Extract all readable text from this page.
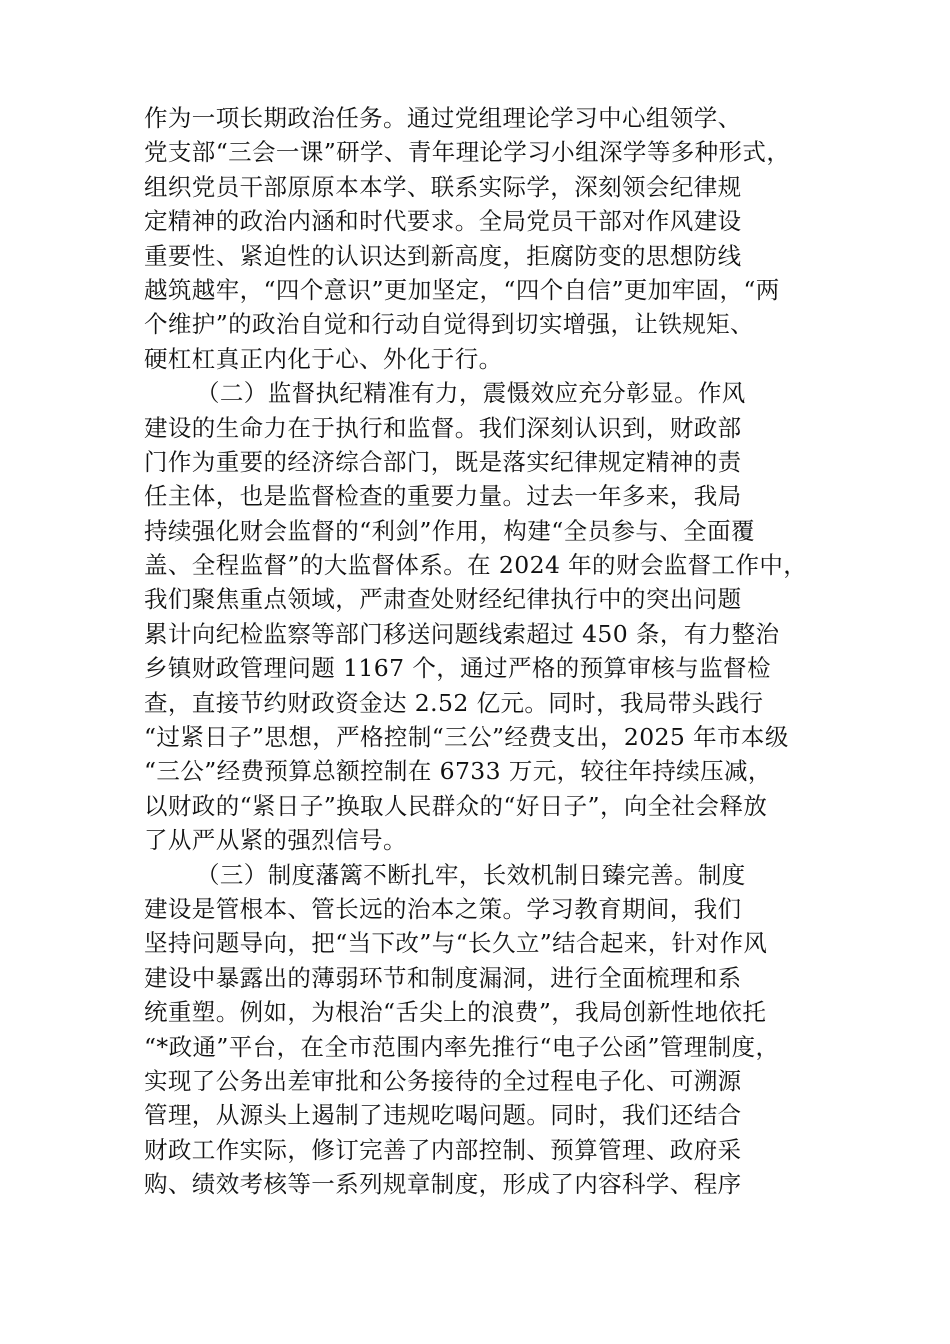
作为一项长期政治任务。通过党组理论学习中心组领学、
党支部“三会一课”研学、青年理论学习小组深学等多种形式，
组织党员干部原原本本学、联系实际学，深刻领会纪律规
定精神的政治内涵和时代要求。全局党员干部对作风建设
重要性、紧迫性的认识达到新高度，拒腐防变的思想防线
越筑越牢，“四个意识”更加坚定，“四个自信”更加牢固，“两
个维护”的政治自觉和行动自觉得到切实增强，让铁规矩、
硬杠杠真正内化于心、外化于行。
（二）监督执纪精准有力，震慑效应充分彰显。作风
建设的生命力在于执行和监督。我们深刻认识到，财政部
门作为重要的经济综合部门，既是落实纪律规定精神的责
任主体，也是监督检查的重要力量。过去一年多来，我局
持续强化财会监督的“利剑”作用，构建“全员参与、全面覆
盖、全程监督”的大监督体系。在 2024 年的财会监督工作中，
我们聚焦重点领域，严肃查处财经纪律执行中的突出问题
累计向纪检监察等部门移送问题线索超过 450 条，有力整治
乡镇财政管理问题 1167 个，通过严格的预算审核与监督检
查，直接节约财政资金达 2.52 亿元。同时，我局带头践行
“过紧日子”思想，严格控制“三公”经费支出，2025 年市本级
“三公”经费预算总额控制在 6733 万元，较往年持续压减，
以财政的“紧日子”换取人民群众的“好日子”，向全社会释放
了从严从紧的强烈信号。
（三）制度藩篱不断扎牢，长效机制日臻完善。制度
建设是管根本、管长远的治本之策。学习教育期间，我们
坚持问题导向，把“当下改”与“长久立”结合起来，针对作风
建设中暴露出的薄弱环节和制度漏洞，进行全面梳理和系
统重塑。例如，为根治“舌尖上的浪费”，我局创新性地依托
“*政通”平台，在全市范围内率先推行“电子公函”管理制度，
实现了公务出差审批和公务接待的全过程电子化、可溯源
管理，从源头上遏制了违规吃喝问题。同时，我们还结合
财政工作实际，修订完善了内部控制、预算管理、政府采
购、绩效考核等一系列规章制度，形成了内容科学、程序
